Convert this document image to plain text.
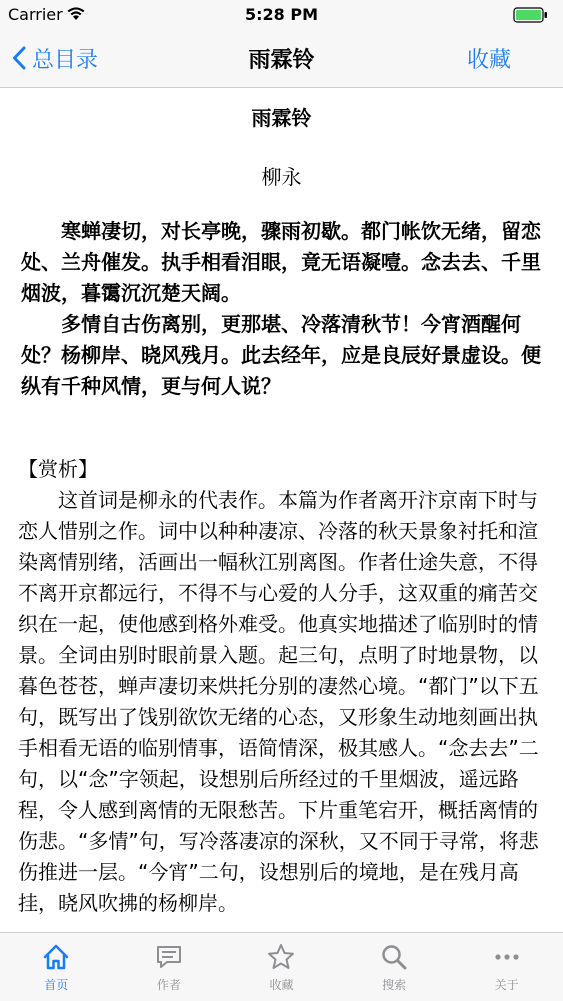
Carrier	5:28 PM
总目录	雨霖铃	收藏
雨霖铃
柳永

寒蝉凄切，对长亭晚，骤雨初歇。都门帐饮无绪，留恋处、兰舟催发。执手相看泪眼，竟无语凝噎。念去去、千里烟波，暮霭沉沉楚天阔。

多情自古伤离别，更那堪、冷落清秋节！今宵酒醒何处？杨柳岸、晓风残月。此去经年，应是良辰好景虚设。便纵有千种风情，更与何人说？

【赏析】

这首词是柳永的代表作。本篇为作者离开汴京南下时与恋人惜别之作。词中以种种凄凉、冷落的秋天景象衬托和渲染离情别绪，活画出一幅秋江别离图。作者仕途失意，不得不离开京都远行，不得不与心爱的人分手，这双重的痛苦交织在一起，使他感到格外难受。他真实地描述了临别时的情景。全词由别时眼前景入题。起三句，点明了时地景物，以暮色苍苍，蝉声凄切来烘托分别的凄然心境。“都门”以下五句，既写出了饯别欲饮无绪的心态，又形象生动地刻画出执手相看无语的临别情事，语简情深，极其感人。“念去去”二句，以“念”字领起，设想别后所经过的千里烟波，遥远路程，令人感到离情的无限愁苦。下片重笔宕开，概括离情的伤悲。“多情”句，写冷落凄凉的深秋，又不同于寻常，将悲伤推进一层。“今宵”二句，设想别后的境地，是在残月高挂，晓风吹拂的杨柳岸。

首页	作者	收藏	搜索	关于
